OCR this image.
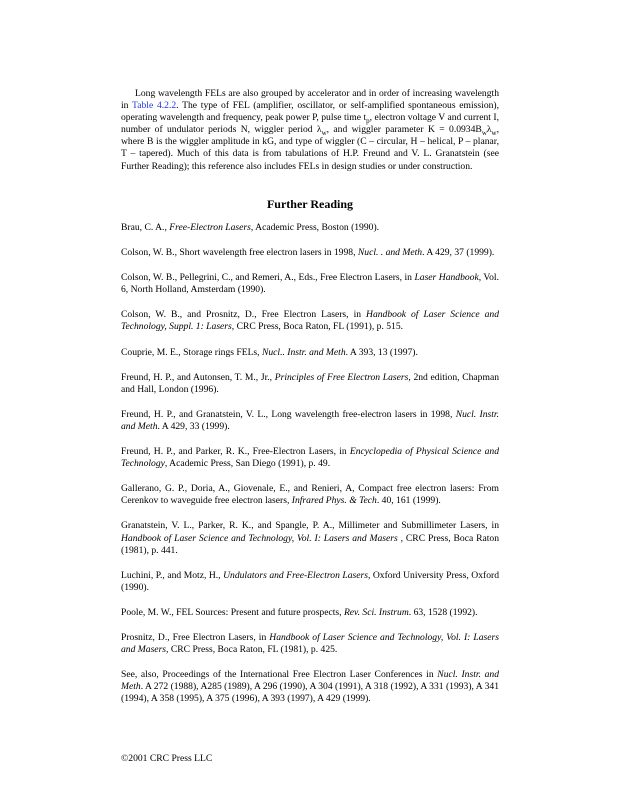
Long wavelength FELs are also grouped by accelerator and in order of increasing wavelength in Table 4.2.2. The type of FEL (amplifier, oscillator, or self-amplified spontaneous emission), operating wavelength and frequency, peak power P, pulse time $t_p$, electron voltage V and current I, number of undulator periods N, wiggler period $\lambda_w$, and wiggler parameter $K = 0.0934B_w\lambda_w$, where B is the wiggler amplitude in kG, and type of wiggler (C – circular, H – helical, P – planar, T – tapered). Much of this data is from tabulations of H.P. Freund and V. L. Granatstein (see Further Reading); this reference also includes FELs in design studies or under construction.

Further Reading
Brau, C. A., Free-Electron Lasers, Academic Press, Boston (1990).
Colson, W. B., Short wavelength free electron lasers in 1998, Nucl. . and Meth. A 429, 37 (1999).
Colson, W. B., Pellegrini, C., and Remeri, A., Eds., Free Electron Lasers, in Laser Handbook, Vol. 6, North Holland, Amsterdam (1990).
Colson, W. B., and Prosnitz, D., Free Electron Lasers, in Handbook of Laser Science and Technology, Suppl. 1: Lasers, CRC Press, Boca Raton, FL (1991), p. 515.
Couprie, M. E., Storage rings FELs, Nucl.. Instr. and Meth. A 393, 13 (1997).
Freund, H. P., and Autonsen, T. M., Jr., Principles of Free Electron Lasers, 2nd edition, Chapman and Hall, London (1996).
Freund, H. P., and Granatstein, V. L., Long wavelength free-electron lasers in 1998, Nucl. Instr. and Meth. A 429, 33 (1999).
Freund, H. P., and Parker, R. K., Free-Electron Lasers, in Encyclopedia of Physical Science and Technology, Academic Press, San Diego (1991), p. 49.
Gallerano, G. P., Doria, A., Giovenale, E., and Renieri, A, Compact free electron lasers: From Cerenkov to waveguide free electron lasers, Infrared Phys. & Tech. 40, 161 (1999).
Granatstein, V. L., Parker, R. K., and Spangle, P. A., Millimeter and Submillimeter Lasers, in Handbook of Laser Science and Technology, Vol. I: Lasers and Masers , CRC Press, Boca Raton (1981), p. 441.
Luchini, P., and Motz, H., Undulators and Free-Electron Lasers, Oxford University Press, Oxford (1990).
Poole, M. W., FEL Sources: Present and future prospects, Rev. Sci. Instrum. 63, 1528 (1992).
Prosnitz, D., Free Electron Lasers, in Handbook of Laser Science and Technology, Vol. I: Lasers and Masers, CRC Press, Boca Raton, FL (1981), p. 425.

See, also, Proceedings of the International Free Electron Laser Conferences in Nucl. Instr. and Meth. A 272 (1988), A285 (1989), A 296 (1990), A 304 (1991), A 318 (1992), A 331 (1993), A 341 (1994), A 358 (1995), A 375 (1996), A 393 (1997), A 429 (1999).

©2001 CRC Press LLC
